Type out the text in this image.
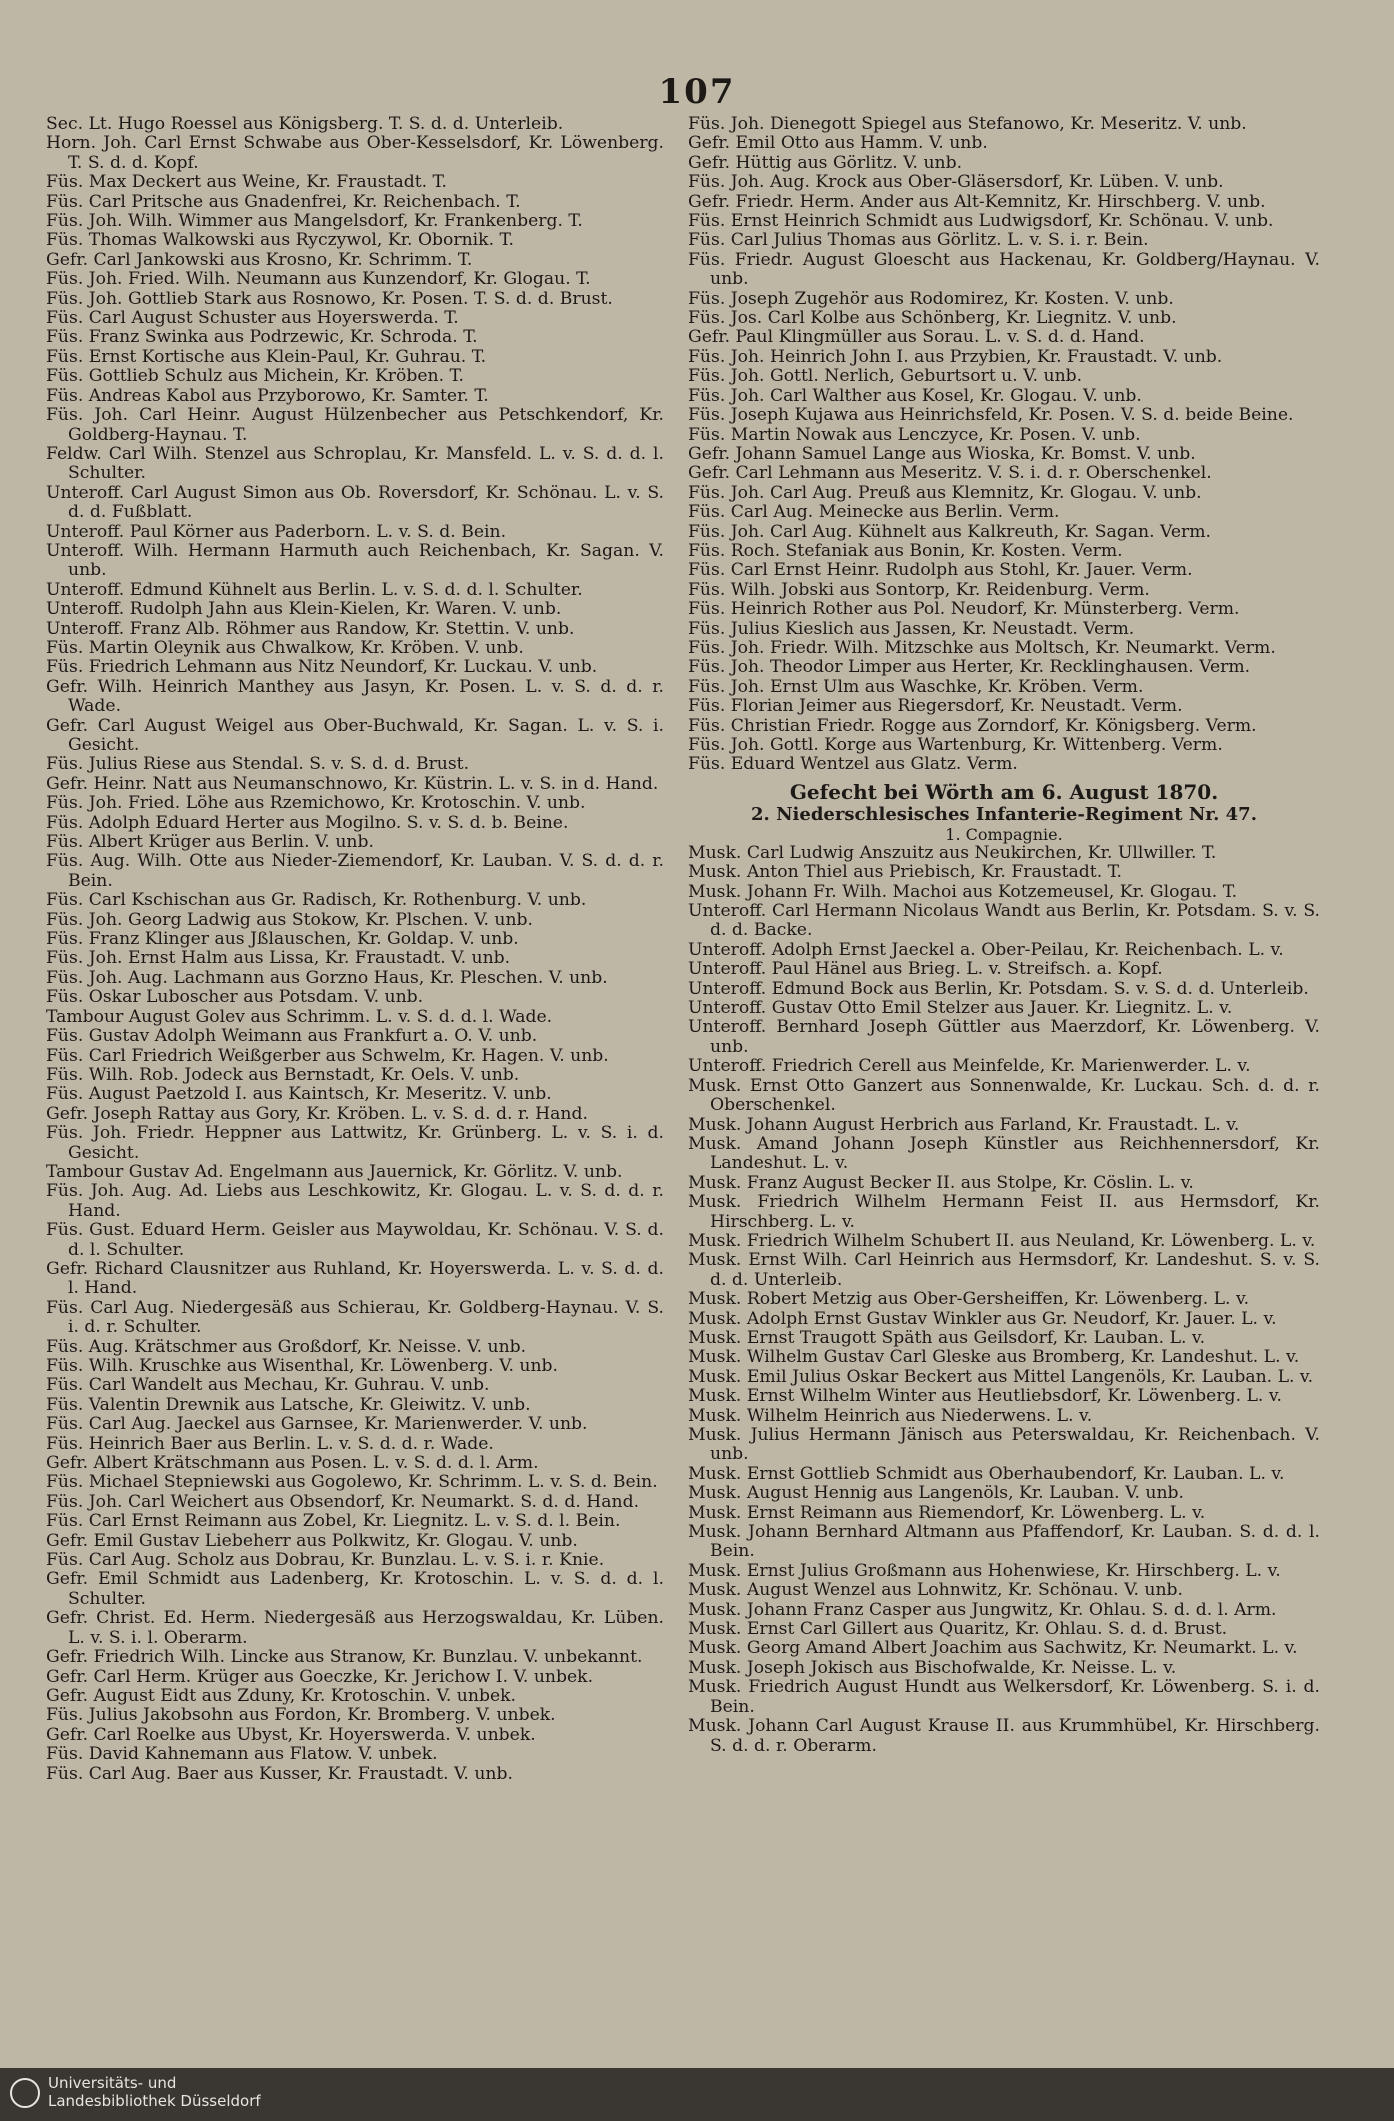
107
Sec. Lt. Hugo Roessel aus Königsberg. T. S. d. d. Unterleib.
Horn. Joh. Carl Ernst Schwabe aus Ober-Kesselsdorf, Kr. Löwenberg. T. S. d. d. Kopf.
Füs. Max Deckert aus Weine, Kr. Fraustadt. T.
Füs. Carl Pritsche aus Gnadenfrei, Kr. Reichenbach. T.
Füs. Joh. Wilh. Wimmer aus Mangelsdorf, Kr. Frankenberg. T.
Füs. Thomas Walkowski aus Ryczywol, Kr. Obornik. T.
Gefr. Carl Jankowski aus Krosno, Kr. Schrimm. T.
Füs. Joh. Fried. Wilh. Neumann aus Kunzendorf, Kr. Glogau. T.
Füs. Joh. Gottlieb Stark aus Rosnowo, Kr. Posen. T. S. d. d. Brust.
Füs. Carl August Schuster aus Hoyerswerda. T.
Füs. Franz Swinka aus Podrzewic, Kr. Schroda. T.
Füs. Ernst Kortische aus Klein-Paul, Kr. Guhrau. T.
Füs. Gottlieb Schulz aus Michein, Kr. Kröben. T.
Füs. Andreas Kabol aus Przyborowo, Kr. Samter. T.
Füs. Joh. Carl Heinr. August Hülzenbecher aus Petschkendorf, Kr. Goldberg-Haynau. T.
Feldw. Carl Wilh. Stenzel aus Schroplau, Kr. Mansfeld. L. v. S. d. d. l. Schulter.
Unteroff. Carl August Simon aus Ob. Roversdorf, Kr. Schönau. L. v. S. d. d. Fußblatt.
Unteroff. Paul Körner aus Paderborn. L. v. S. d. Bein.
Unteroff. Wilh. Hermann Harmuth auch Reichenbach, Kr. Sagan. V. unb.
Unteroff. Edmund Kühnelt aus Berlin. L. v. S. d. d. l. Schulter.
Unteroff. Rudolph Jahn aus Klein-Kielen, Kr. Waren. V. unb.
Unteroff. Franz Alb. Röhmer aus Randow, Kr. Stettin. V. unb.
Füs. Martin Oleynik aus Chwalkow, Kr. Kröben. V. unb.
Füs. Friedrich Lehmann aus Nitz Neundorf, Kr. Luckau. V. unb.
Gefr. Wilh. Heinrich Manthey aus Jasyn, Kr. Posen. L. v. S. d. d. r. Wade.
Gefr. Carl August Weigel aus Ober-Buchwald, Kr. Sagan. L. v. S. i. Gesicht.
Füs. Julius Riese aus Stendal. S. v. S. d. d. Brust.
Gefr. Heinr. Natt aus Neumanschnowo, Kr. Küstrin. L. v. S. in d. Hand.
Füs. Joh. Fried. Löhe aus Rzemichowo, Kr. Krotoschin. V. unb.
Füs. Adolph Eduard Herter aus Mogilno. S. v. S. d. b. Beine.
Füs. Albert Krüger aus Berlin. V. unb.
Füs. Aug. Wilh. Otte aus Nieder-Ziemendorf, Kr. Lauban. V. S. d. d. r. Bein.
Füs. Carl Kschischan aus Gr. Radisch, Kr. Rothenburg. V. unb.
Füs. Joh. Georg Ladwig aus Stokow, Kr. Plschen. V. unb.
Füs. Franz Klinger aus Jßlauschen, Kr. Goldap. V. unb.
Füs. Joh. Ernst Halm aus Lissa, Kr. Fraustadt. V. unb.
Füs. Joh. Aug. Lachmann aus Gorzno Haus, Kr. Pleschen. V. unb.
Füs. Oskar Luboscher aus Potsdam. V. unb.
Tambour August Golev aus Schrimm. L. v. S. d. d. l. Wade.
Füs. Gustav Adolph Weimann aus Frankfurt a. O. V. unb.
Füs. Carl Friedrich Weißgerber aus Schwelm, Kr. Hagen. V. unb.
Füs. Wilh. Rob. Jodeck aus Bernstadt, Kr. Oels. V. unb.
Füs. August Paetzold I. aus Kaintsch, Kr. Meseritz. V. unb.
Gefr. Joseph Rattay aus Gory, Kr. Kröben. L. v. S. d. d. r. Hand.
Füs. Joh. Friedr. Heppner aus Lattwitz, Kr. Grünberg. L. v. S. i. d. Gesicht.
Tambour Gustav Ad. Engelmann aus Jauernick, Kr. Görlitz. V. unb.
Füs. Joh. Aug. Ad. Liebs aus Leschkowitz, Kr. Glogau. L. v. S. d. d. r. Hand.
Füs. Gust. Eduard Herm. Geisler aus Maywoldau, Kr. Schönau. V. S. d. d. l. Schulter.
Gefr. Richard Clausnitzer aus Ruhland, Kr. Hoyerswerda. L. v. S. d. d. l. Hand.
Füs. Carl Aug. Niedergesäß aus Schierau, Kr. Goldberg-Haynau. V. S. i. d. r. Schulter.
Füs. Aug. Krätschmer aus Großdorf, Kr. Neisse. V. unb.
Füs. Wilh. Kruschke aus Wisenthal, Kr. Löwenberg. V. unb.
Füs. Carl Wandelt aus Mechau, Kr. Guhrau. V. unb.
Füs. Valentin Drewnik aus Latsche, Kr. Gleiwitz. V. unb.
Füs. Carl Aug. Jaeckel aus Garnsee, Kr. Marienwerder. V. unb.
Füs. Heinrich Baer aus Berlin. L. v. S. d. d. r. Wade.
Gefr. Albert Krätschmann aus Posen. L. v. S. d. d. l. Arm.
Füs. Michael Stepniewski aus Gogolewo, Kr. Schrimm. L. v. S. d. Bein.
Füs. Joh. Carl Weichert aus Obsendorf, Kr. Neumarkt. S. d. d. Hand.
Füs. Carl Ernst Reimann aus Zobel, Kr. Liegnitz. L. v. S. d. l. Bein.
Gefr. Emil Gustav Liebeherr aus Polkwitz, Kr. Glogau. V. unb.
Füs. Carl Aug. Scholz aus Dobrau, Kr. Bunzlau. L. v. S. i. r. Knie.
Gefr. Emil Schmidt aus Ladenberg, Kr. Krotoschin. L. v. S. d. d. l. Schulter.
Gefr. Christ. Ed. Herm. Niedergesäß aus Herzogswaldau, Kr. Lüben. L. v. S. i. l. Oberarm.
Gefr. Friedrich Wilh. Lincke aus Stranow, Kr. Bunzlau. V. unbekannt.
Gefr. Carl Herm. Krüger aus Goeczke, Kr. Jerichow I. V. unbek.
Gefr. August Eidt aus Zduny, Kr. Krotoschin. V. unbek.
Füs. Julius Jakobsohn aus Fordon, Kr. Bromberg. V. unbek.
Gefr. Carl Roelke aus Ubyst, Kr. Hoyerswerda. V. unbek.
Füs. David Kahnemann aus Flatow. V. unbek.
Füs. Carl Aug. Baer aus Kusser, Kr. Fraustadt. V. unb.
Füs. Joh. Dienegott Spiegel aus Stefanowo, Kr. Meseritz. V. unb.
Gefr. Emil Otto aus Hamm. V. unb.
Gefr. Hüttig aus Görlitz. V. unb.
Füs. Joh. Aug. Krock aus Ober-Gläsersdorf, Kr. Lüben. V. unb.
Gefr. Friedr. Herm. Ander aus Alt-Kemnitz, Kr. Hirschberg. V. unb.
Füs. Ernst Heinrich Schmidt aus Ludwigsdorf, Kr. Schönau. V. unb.
Füs. Carl Julius Thomas aus Görlitz. L. v. S. i. r. Bein.
Füs. Friedr. August Gloescht aus Hackenau, Kr. Goldberg/Haynau. V. unb.
Füs. Joseph Zugehör aus Rodomirez, Kr. Kosten. V. unb.
Füs. Jos. Carl Kolbe aus Schönberg, Kr. Liegnitz. V. unb.
Gefr. Paul Klingmüller aus Sorau. L. v. S. d. d. Hand.
Füs. Joh. Heinrich John I. aus Przybien, Kr. Fraustadt. V. unb.
Füs. Joh. Gottl. Nerlich, Geburtsort u. V. unb.
Füs. Joh. Carl Walther aus Kosel, Kr. Glogau. V. unb.
Füs. Joseph Kujawa aus Heinrichsfeld, Kr. Posen. V. S. d. beide Beine.
Füs. Martin Nowak aus Lenczyce, Kr. Posen. V. unb.
Gefr. Johann Samuel Lange aus Wioska, Kr. Bomst. V. unb.
Gefr. Carl Lehmann aus Meseritz. V. S. i. d. r. Oberschenkel.
Füs. Joh. Carl Aug. Preuß aus Klemnitz, Kr. Glogau. V. unb.
Füs. Carl Aug. Meinecke aus Berlin. Verm.
Füs. Joh. Carl Aug. Kühnelt aus Kalkreuth, Kr. Sagan. Verm.
Füs. Roch. Stefaniak aus Bonin, Kr. Kosten. Verm.
Füs. Carl Ernst Heinr. Rudolph aus Stohl, Kr. Jauer. Verm.
Füs. Wilh. Jobski aus Sontorp, Kr. Reidenburg. Verm.
Füs. Heinrich Rother aus Pol. Neudorf, Kr. Münsterberg. Verm.
Füs. Julius Kieslich aus Jassen, Kr. Neustadt. Verm.
Füs. Joh. Friedr. Wilh. Mitzschke aus Moltsch, Kr. Neumarkt. Verm.
Füs. Joh. Theodor Limper aus Herter, Kr. Recklinghausen. Verm.
Füs. Joh. Ernst Ulm aus Waschke, Kr. Kröben. Verm.
Füs. Florian Jeimer aus Riegersdorf, Kr. Neustadt. Verm.
Füs. Christian Friedr. Rogge aus Zorndorf, Kr. Königsberg. Verm.
Füs. Joh. Gottl. Korge aus Wartenburg, Kr. Wittenberg. Verm.
Füs. Eduard Wentzel aus Glatz. Verm.
Gefecht bei Wörth am 6. August 1870.
2. Niederschlesisches Infanterie-Regiment Nr. 47.
1. Compagnie.
Musk. Carl Ludwig Anszuitz aus Neukirchen, Kr. Ullwiller. T.
Musk. Anton Thiel aus Priebisch, Kr. Fraustadt. T.
Musk. Johann Fr. Wilh. Machoi aus Kotzemeusel, Kr. Glogau. T.
Unteroff. Carl Hermann Nicolaus Wandt aus Berlin, Kr. Potsdam. S. v. S. d. d. Backe.
Unteroff. Adolph Ernst Jaeckel a. Ober-Peilau, Kr. Reichenbach. L. v.
Unteroff. Paul Hänel aus Brieg. L. v. Streifsch. a. Kopf.
Unteroff. Edmund Bock aus Berlin, Kr. Potsdam. S. v. S. d. d. Unterleib.
Unteroff. Gustav Otto Emil Stelzer aus Jauer. Kr. Liegnitz. L. v.
Unteroff. Bernhard Joseph Güttler aus Maerzdorf, Kr. Löwenberg. V. unb.
Unteroff. Friedrich Cerell aus Meinfelde, Kr. Marienwerder. L. v.
Musk. Ernst Otto Ganzert aus Sonnenwalde, Kr. Luckau. Sch. d. d. r. Oberschenkel.
Musk. Johann August Herbrich aus Farland, Kr. Fraustadt. L. v.
Musk. Amand Johann Joseph Künstler aus Reichhennersdorf, Kr. Landeshut. L. v.
Musk. Franz August Becker II. aus Stolpe, Kr. Cöslin. L. v.
Musk. Friedrich Wilhelm Hermann Feist II. aus Hermsdorf, Kr. Hirschberg. L. v.
Musk. Friedrich Wilhelm Schubert II. aus Neuland, Kr. Löwenberg. L. v.
Musk. Ernst Wilh. Carl Heinrich aus Hermsdorf, Kr. Landeshut. S. v. S. d. d. Unterleib.
Musk. Robert Metzig aus Ober-Gersheiffen, Kr. Löwenberg. L. v.
Musk. Adolph Ernst Gustav Winkler aus Gr. Neudorf, Kr. Jauer. L. v.
Musk. Ernst Traugott Späth aus Geilsdorf, Kr. Lauban. L. v.
Musk. Wilhelm Gustav Carl Gleske aus Bromberg, Kr. Landeshut. L. v.
Musk. Emil Julius Oskar Beckert aus Mittel Langenöls, Kr. Lauban. L. v.
Musk. Ernst Wilhelm Winter aus Heutliebsdorf, Kr. Löwenberg. L. v.
Musk. Wilhelm Heinrich aus Niederwens. L. v.
Musk. Julius Hermann Jänisch aus Peterswaldau, Kr. Reichenbach. V. unb.
Musk. Ernst Gottlieb Schmidt aus Oberhaubendorf, Kr. Lauban. L. v.
Musk. August Hennig aus Langenöls, Kr. Lauban. V. unb.
Musk. Ernst Reimann aus Riemendorf, Kr. Löwenberg. L. v.
Musk. Johann Bernhard Altmann aus Pfaffendorf, Kr. Lauban. S. d. d. l. Bein.
Musk. Ernst Julius Großmann aus Hohenwiese, Kr. Hirschberg. L. v.
Musk. August Wenzel aus Lohnwitz, Kr. Schönau. V. unb.
Musk. Johann Franz Casper aus Jungwitz, Kr. Ohlau. S. d. d. l. Arm.
Musk. Ernst Carl Gillert aus Quaritz, Kr. Ohlau. S. d. d. Brust.
Musk. Georg Amand Albert Joachim aus Sachwitz, Kr. Neumarkt. L. v.
Musk. Joseph Jokisch aus Bischofwalde, Kr. Neisse. L. v.
Musk. Friedrich August Hundt aus Welkersdorf, Kr. Löwenberg. S. i. d. Bein.
Musk. Johann Carl August Krause II. aus Krummhübel, Kr. Hirschberg. S. d. d. r. Oberarm.
Universitäts- und
Landesbibliothek Düsseldorf
